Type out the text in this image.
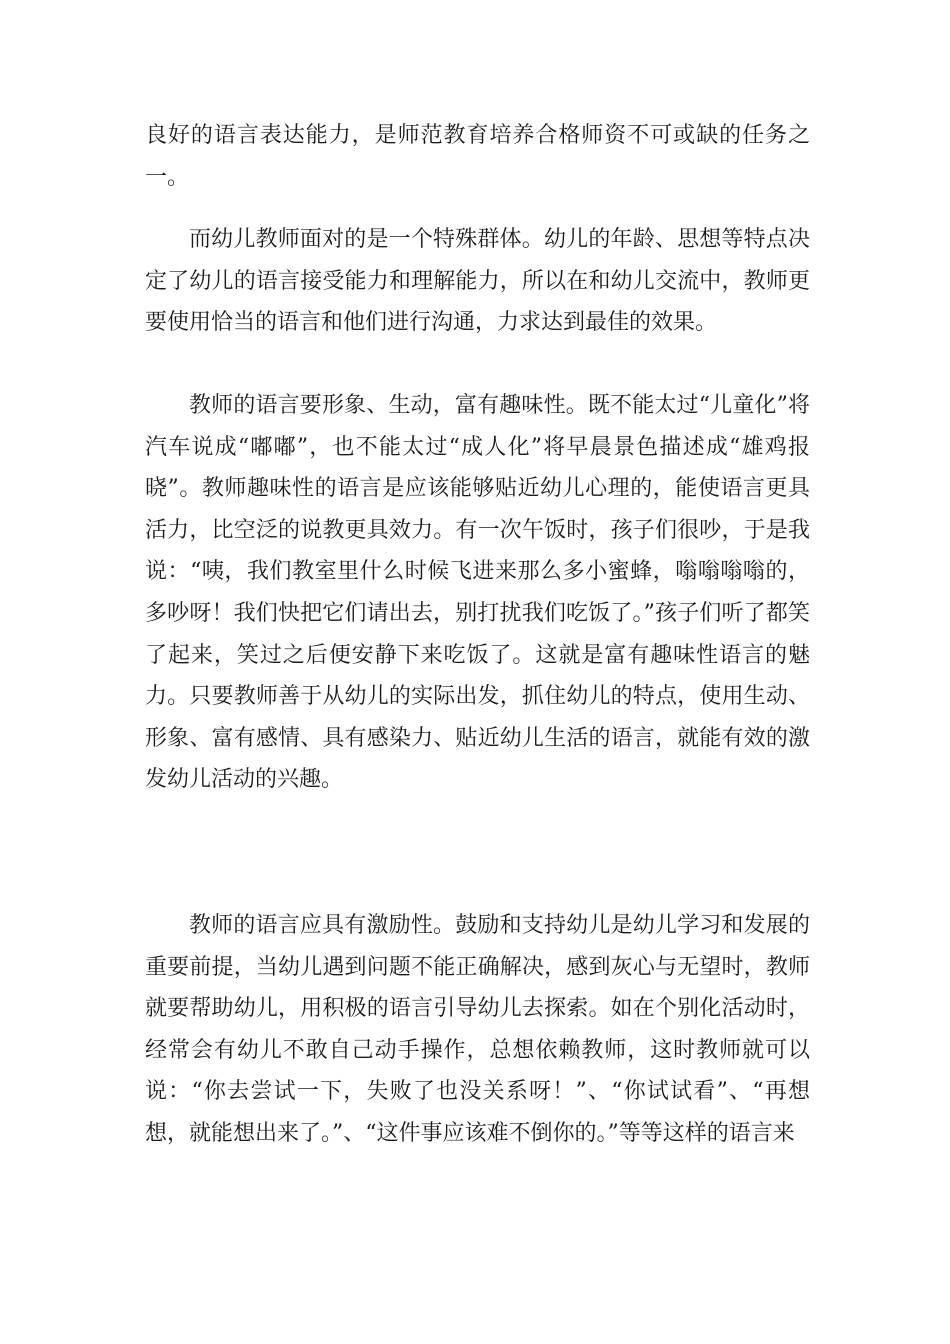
良好的语言表达能力，是师范教育培养合格师资不可或缺的任务之一。

而幼儿教师面对的是一个特殊群体。幼儿的年龄、思想等特点决定了幼儿的语言接受能力和理解能力，所以在和幼儿交流中，教师更要使用恰当的语言和他们进行沟通，力求达到最佳的效果。

教师的语言要形象、生动，富有趣味性。既不能太过“儿童化”将汽车说成“嘟嘟”，也不能太过“成人化”将早晨景色描述成“雄鸡报晓”。教师趣味性的语言是应该能够贴近幼儿心理的，能使语言更具活力，比空泛的说教更具效力。有一次午饭时，孩子们很吵，于是我说：“咦，我们教室里什么时候飞进来那么多小蜜蜂，嗡嗡嗡嗡的，多吵呀！我们快把它们请出去，别打扰我们吃饭了。”孩子们听了都笑了起来，笑过之后便安静下来吃饭了。这就是富有趣味性语言的魅力。只要教师善于从幼儿的实际出发，抓住幼儿的特点，使用生动、形象、富有感情、具有感染力、贴近幼儿生活的语言，就能有效的激发幼儿活动的兴趣。

教师的语言应具有激励性。鼓励和支持幼儿是幼儿学习和发展的重要前提，当幼儿遇到问题不能正确解决，感到灰心与无望时，教师就要帮助幼儿，用积极的语言引导幼儿去探索。如在个别化活动时，经常会有幼儿不敢自己动手操作，总想依赖教师，这时教师就可以说：“你去尝试一下，失败了也没关系呀！”、“你试试看”、“再想想，就能想出来了。”、“这件事应该难不倒你的。”等等这样的语言来
